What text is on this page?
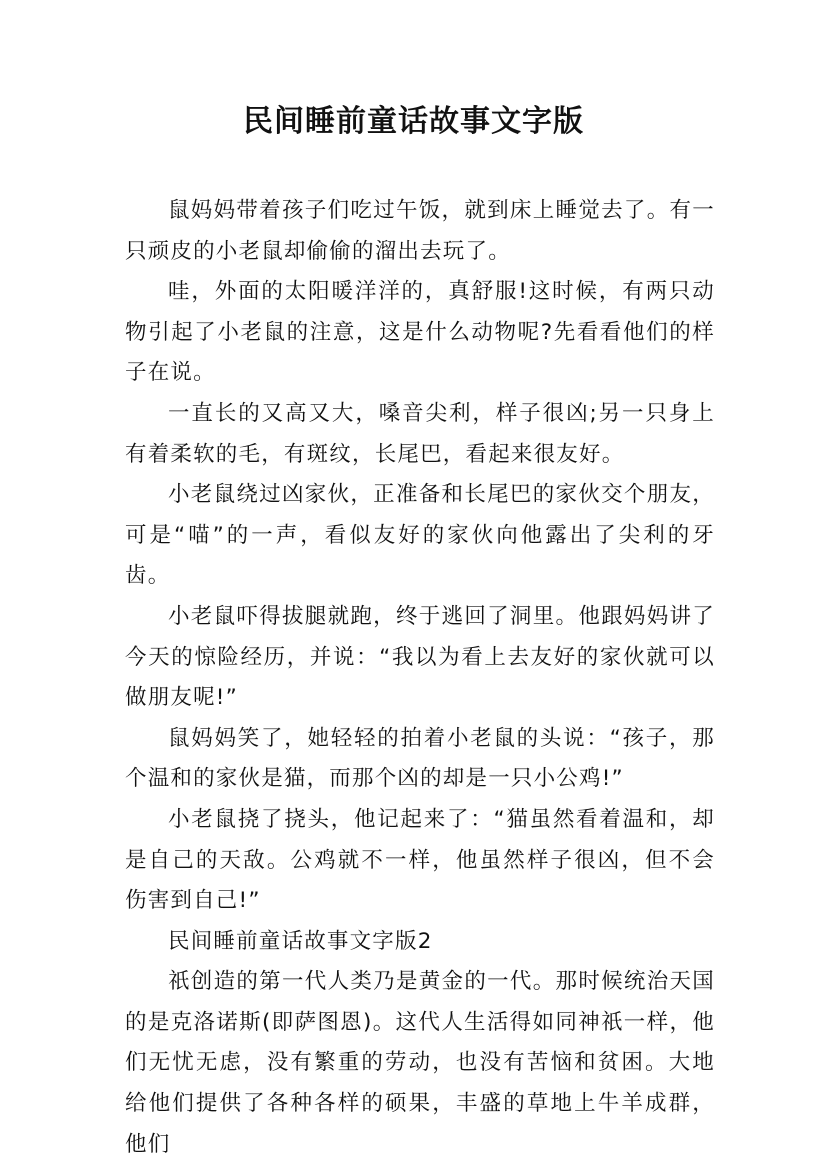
民间睡前童话故事文字版

鼠妈妈带着孩子们吃过午饭，就到床上睡觉去了。有一只顽皮的小老鼠却偷偷的溜出去玩了。

哇，外面的太阳暖洋洋的，真舒服!这时候，有两只动物引起了小老鼠的注意，这是什么动物呢?先看看他们的样子在说。

一直长的又高又大，嗓音尖利，样子很凶;另一只身上有着柔软的毛，有斑纹，长尾巴，看起来很友好。

小老鼠绕过凶家伙，正准备和长尾巴的家伙交个朋友，可是“喵”的一声，看似友好的家伙向他露出了尖利的牙齿。

小老鼠吓得拔腿就跑，终于逃回了洞里。他跟妈妈讲了今天的惊险经历，并说：“我以为看上去友好的家伙就可以做朋友呢!”

鼠妈妈笑了，她轻轻的拍着小老鼠的头说：“孩子，那个温和的家伙是猫，而那个凶的却是一只小公鸡!”

小老鼠挠了挠头，他记起来了：“猫虽然看着温和，却是自己的天敌。公鸡就不一样，他虽然样子很凶，但不会伤害到自己!”

民间睡前童话故事文字版2

祇创造的第一代人类乃是黄金的一代。那时候统治天国的是克洛诺斯(即萨图恩)。这代人生活得如同神祇一样，他们无忧无虑，没有繁重的劳动，也没有苦恼和贫困。大地给他们提供了各种各样的硕果，丰盛的草地上牛羊成群，他们
